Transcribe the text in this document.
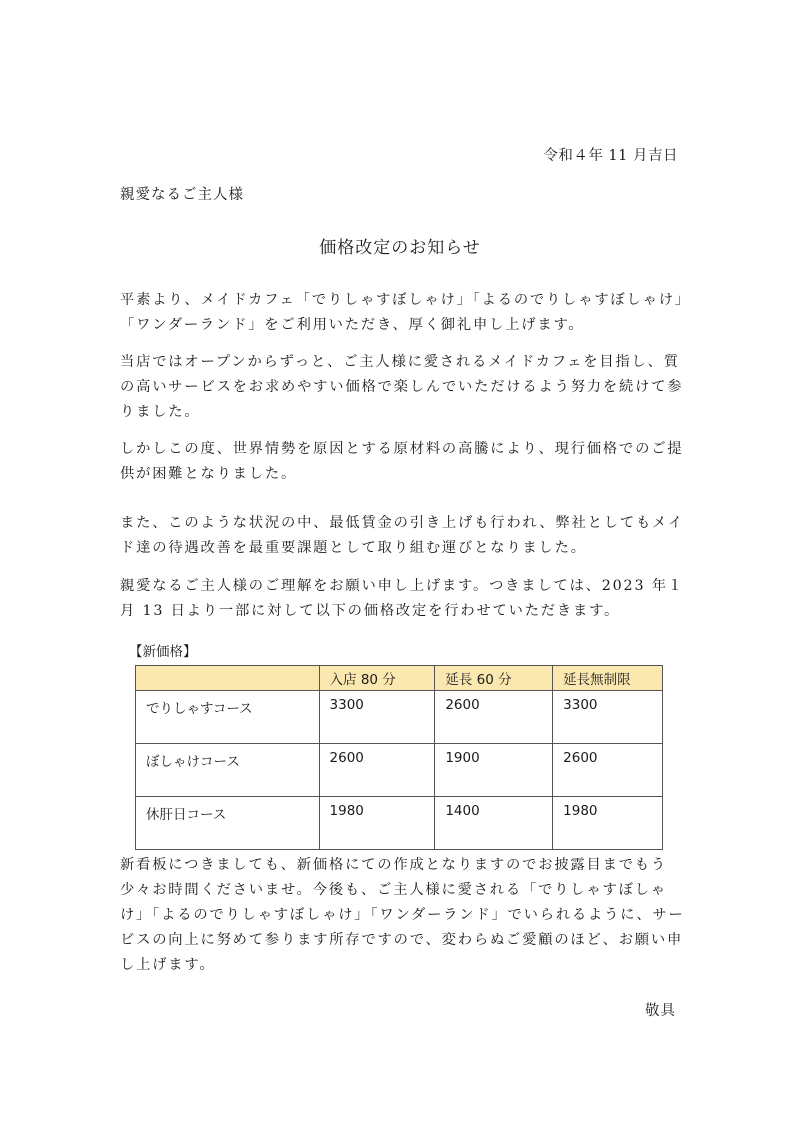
令和４年 11 月吉日
親愛なるご主人様
価格改定のお知らせ

平素より、メイドカフェ「でりしゃすぼしゃけ」「よるのでりしゃすぼしゃけ」「ワンダーランド」をご利用いただき、厚く御礼申し上げます。

当店ではオープンからずっと、ご主人様に愛されるメイドカフェを目指し、質の高いサービスをお求めやすい価格で楽しんでいただけるよう努力を続けて参りました。

しかしこの度、世界情勢を原因とする原材料の高騰により、現行価格でのご提供が困難となりました。

また、このような状況の中、最低賃金の引き上げも行われ、弊社としてもメイド達の待遇改善を最重要課題として取り組む運びとなりました。

親愛なるご主人様のご理解をお願い申し上げます。つきましては、2023 年１月 13 日より一部に対して以下の価格改定を行わせていただきます。

【新価格】
	入店 80 分	延長 60 分	延長無制限
でりしゃすコース	3300	2600	3300
ぼしゃけコース	2600	1900	2600
休肝日コース	1980	1400	1980

新看板につきましても、新価格にての作成となりますのでお披露目までもう少々お時間くださいませ。今後も、ご主人様に愛される「でりしゃすぼしゃけ」「よるのでりしゃすぼしゃけ」「ワンダーランド」でいられるように、サービスの向上に努めて参ります所存ですので、変わらぬご愛顧のほど、お願い申し上げます。

敬具
